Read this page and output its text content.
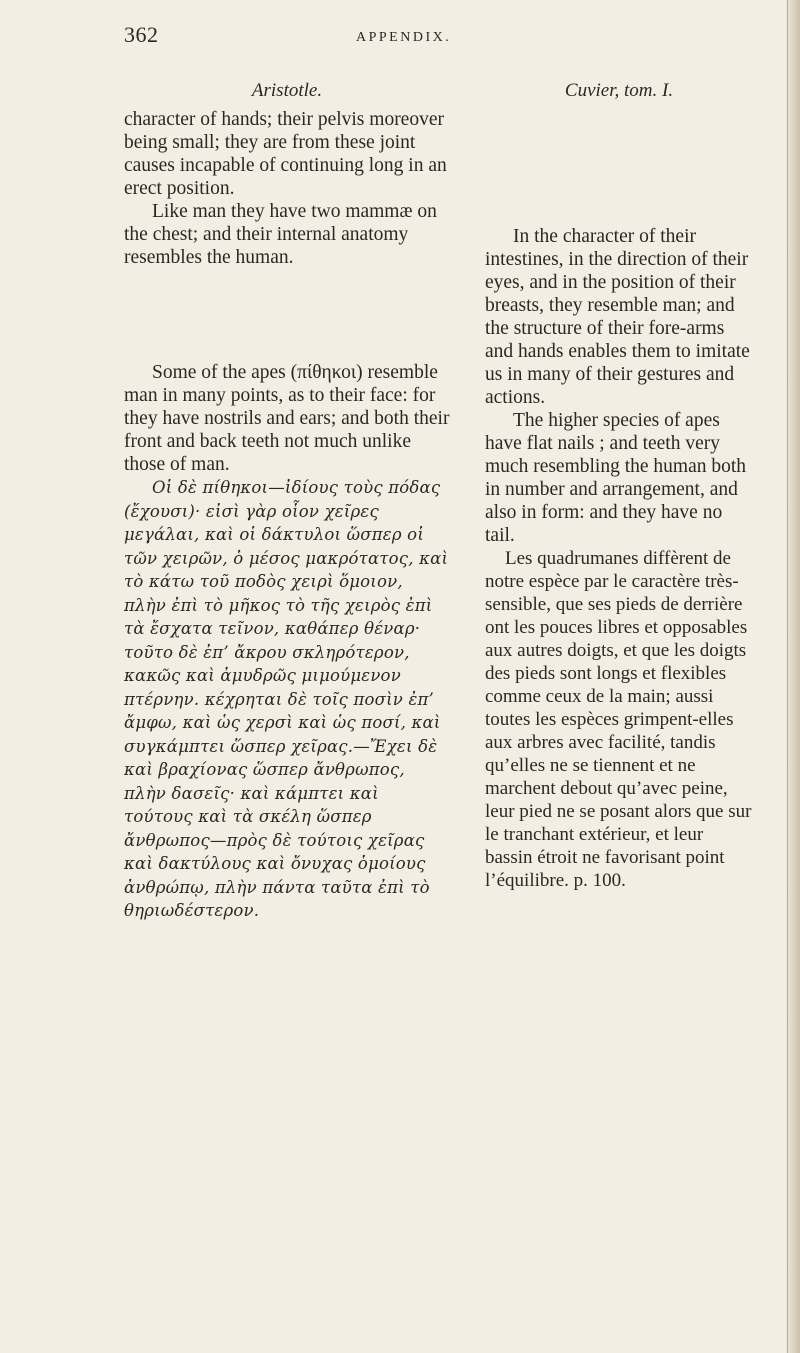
362	APPENDIX.

Aristotle.

character of hands; their pelvis moreover being small; they are from these joint causes incapable of continuing long in an erect position.

Like man they have two mammæ on the chest; and their internal anatomy resembles the human.

Some of the apes (πίθηκοι) resemble man in many points, as to their face: for they have nostrils and ears; and both their front and back teeth not much unlike those of man.

Οἱ δὲ πίθηκοι—ἰδίους τοὺς πόδας (ἔχουσι)· εἰσὶ γὰρ οἷον χεῖρες μεγάλαι, καὶ οἱ δάκτυλοι ὥσπερ οἱ τῶν χειρῶν, ὁ μέσος μακρότατος, καὶ τὸ κάτω τοῦ ποδὸς χειρὶ ὅμοιον, πλὴν ἐπὶ τὸ μῆκος τὸ τῆς χειρὸς ἐπὶ τὰ ἔσχατα τεῖνον, καθάπερ θέναρ· τοῦτο δὲ ἐπ’ ἄκρου σκληρότερον, κακῶς καὶ ἀμυδρῶς μιμούμενον πτέρνην. κέχρηται δὲ τοῖς ποσὶν ἐπ’ ἄμφω, καὶ ὡς χερσὶ καὶ ὡς ποσί, καὶ συγκάμπτει ὥσπερ χεῖρας.—Ἔχει δὲ καὶ βραχίονας ὥσπερ ἄνθρωπος, πλὴν δασεῖς· καὶ κάμπτει καὶ τούτους καὶ τὰ σκέλη ὥσπερ ἄνθρωπος—πρὸς δὲ τούτοις χεῖρας καὶ δακτύλους καὶ ὄνυχας ὁμοίους ἀνθρώπῳ, πλὴν πάντα ταῦτα ἐπὶ τὸ θηριωδέστερον.

Cuvier, tom. I.

In the character of their intestines, in the direction of their eyes, and in the position of their breasts, they resemble man; and the structure of their fore-arms and hands enables them to imitate us in many of their gestures and actions.

The higher species of apes have flat nails ; and teeth very much resembling the human both in number and arrangement, and also in form: and they have no tail.

Les quadrumanes diffèrent de notre espèce par le caractère très-sensible, que ses pieds de derrière ont les pouces libres et opposables aux autres doigts, et que les doigts des pieds sont longs et flexibles comme ceux de la main; aussi toutes les espèces grimpent-elles aux arbres avec facilité, tandis qu’elles ne se tiennent et ne marchent debout qu’avec peine, leur pied ne se posant alors que sur le tranchant extérieur, et leur bassin étroit ne favorisant point l’équilibre. p. 100.
